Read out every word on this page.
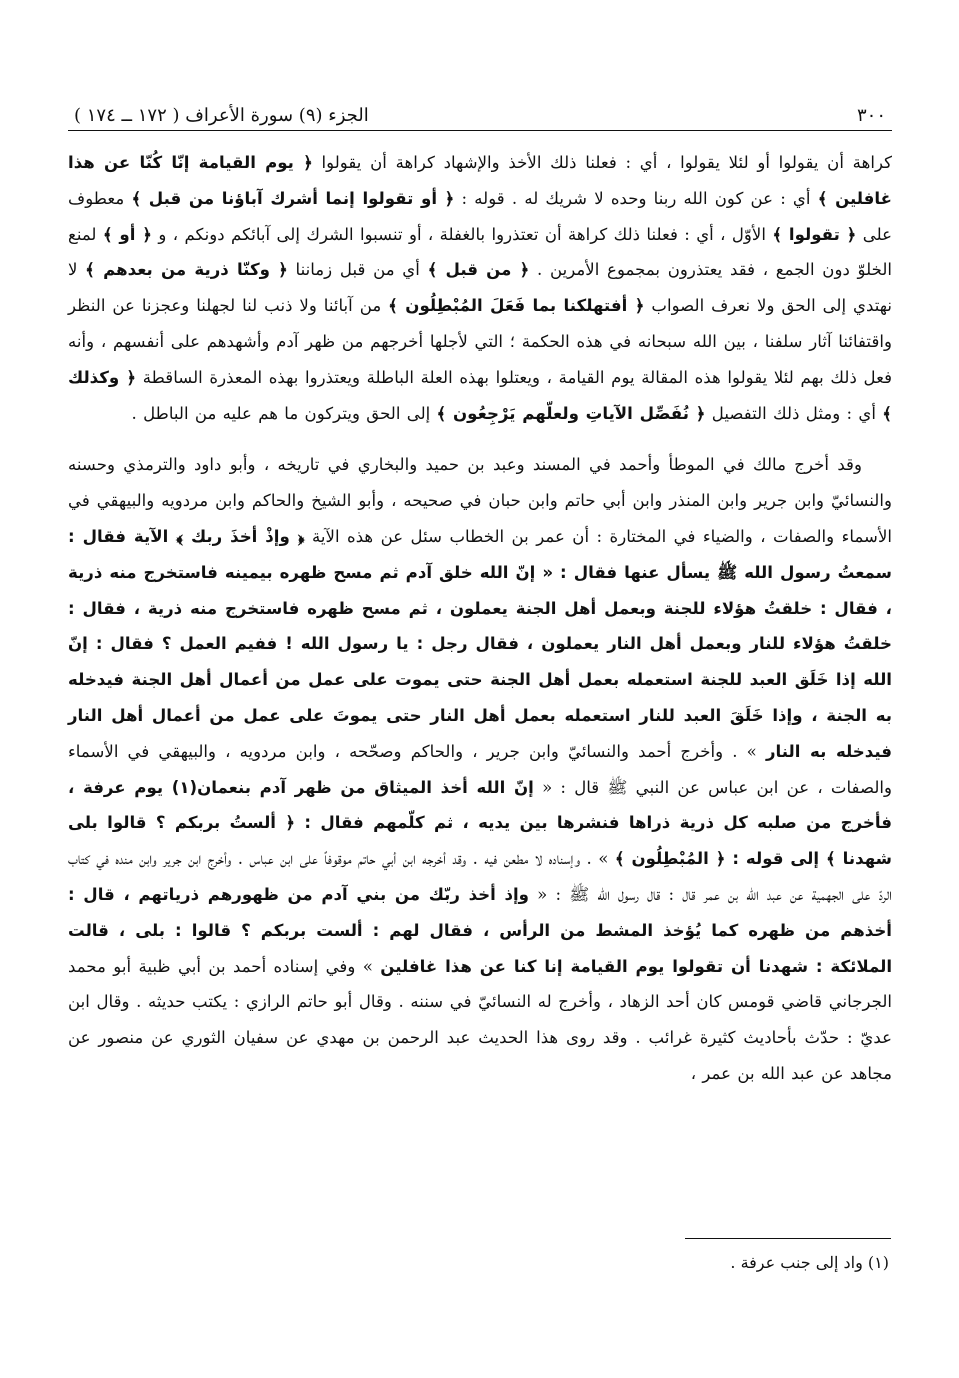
٣٠٠
الجزء (٩) سورة الأعراف ( ١٧٢ ــ ١٧٤ )

كراهة أن يقولوا أو لئلا يقولوا ، أي : فعلنا ذلك الأخذ والإشهاد كراهة أن يقولوا ﴿ يوم القيامة إنّا كُنّا عن هذا غافلين ﴾ أي : عن كون الله ربنا وحده لا شريك له . قوله : ﴿ أو تقولوا إنما أشرك آباؤنا من قبل ﴾ معطوف على ﴿ تقولوا ﴾ الأوّل ، أي : فعلنا ذلك كراهة أن تعتذروا بالغفلة ، أو تنسبوا الشرك إلى آبائكم دونكم ، و ﴿ أو ﴾ لمنع الخلوّ دون الجمع ، فقد يعتذرون بمجموع الأمرين . ﴿ من قبل ﴾ أي من قبل زماننا ﴿ وكنّا ذرية من بعدهم ﴾ لا نهتدي إلى الحق ولا نعرف الصواب ﴿ أفتهلكنا بما فَعَلَ المُبْطِلُون ﴾ من آبائنا ولا ذنب لنا لجهلنا وعجزنا عن النظر واقتفائنا آثار سلفنا ، بين الله سبحانه في هذه الحكمة ؛ التي لأجلها أخرجهم من ظهر آدم وأشهدهم على أنفسهم ، وأنه فعل ذلك بهم لئلا يقولوا هذه المقالة يوم القيامة ، ويعتلوا بهذه العلة الباطلة ويعتذروا بهذه المعذرة الساقطة ﴿ وكذلك ﴾ أي : ومثل ذلك التفصيل ﴿ نُفَصِّل الآياتِ ولعلّهم يَرْجِعُون ﴾ إلى الحق ويتركون ما هم عليه من الباطل .

وقد أخرج مالك في الموطأ وأحمد في المسند وعبد بن حميد والبخاري في تاريخه ، وأبو داود والترمذي وحسنه والنسائيّ وابن جرير وابن المنذر وابن أبي حاتم وابن حبان في صحيحه ، وأبو الشيخ والحاكم وابن مردويه والبيهقي في الأسماء والصفات ، والضياء في المختارة : أن عمر بن الخطاب سئل عن هذه الآية ﴿ وإذْ أخذَ ربك ﴾ الآية فقال : سمعتُ رسول الله ﷺ يسأل عنها فقال : « إنّ الله خلق آدم ثم مسح ظهره بيمينه فاستخرج منه ذرية ، فقال : خلقتُ هؤلاء للجنة وبعمل أهل الجنة يعملون ، ثم مسح ظهره فاستخرج منه ذرية ، فقال : خلقتُ هؤلاء للنار وبعمل أهل النار يعملون ، فقال رجل : يا رسول الله ! ففيم العمل ؟ فقال : إنّ الله إذا خَلَق العبد للجنة استعمله بعمل أهل الجنة حتى يموت على عمل من أعمال أهل الجنة فيدخله به الجنة ، وإذا خَلَقَ العبد للنار استعمله بعمل أهل النار حتى يموتَ على عمل من أعمال أهل النار فيدخله به النار » . وأخرج أحمد والنسائيّ وابن جرير ، والحاكم وصحّحه ، وابن مردويه ، والبيهقي في الأسماء والصفات ، عن ابن عباس عن النبي ﷺ قال : « إنّ الله أخذ الميثاق من ظهر آدم بنعمان(١) يوم عرفة ، فأخرج من صلبه كل ذرية ذراها فنشرها بين يديه ، ثم كلّمهم فقال : ﴿ ألستُ بربكم ؟ قالوا بلى شهدنا ﴾ إلى قوله : ﴿ المُبْطِلُون ﴾ » . وإسناده لا مطعن فيه . وقد أخرجه ابن أبي حاتم موقوفاً على ابن عباس . وأخرج ابن جرير وابن منده في كتاب الردّ على الجهمية عن عبد الله بن عمر قال : قال رسول الله ﷺ : « وإذ أخذ ربّك من بني آدم من ظهورهم ذرياتهم ، قال : أخذهم من ظهره كما يُؤخذ المشط من الرأس ، فقال لهم : ألست بربكم ؟ قالوا : بلى ، قالت الملائكة : شهدنا أن تقولوا يوم القيامة إنا كنا عن هذا غافلين » وفي إسناده أحمد بن أبي ظبية أبو محمد الجرجاني قاضي قومس كان أحد الزهاد ، وأخرج له النسائيّ في سننه . وقال أبو حاتم الرازي : يكتب حديثه . وقال ابن عديّ : حدّث بأحاديث كثيرة غرائب . وقد روى هذا الحديث عبد الرحمن بن مهدي عن سفيان الثوري عن منصور عن مجاهد عن عبد الله بن عمر ،

(١) واد إلى جنب عرفة .
